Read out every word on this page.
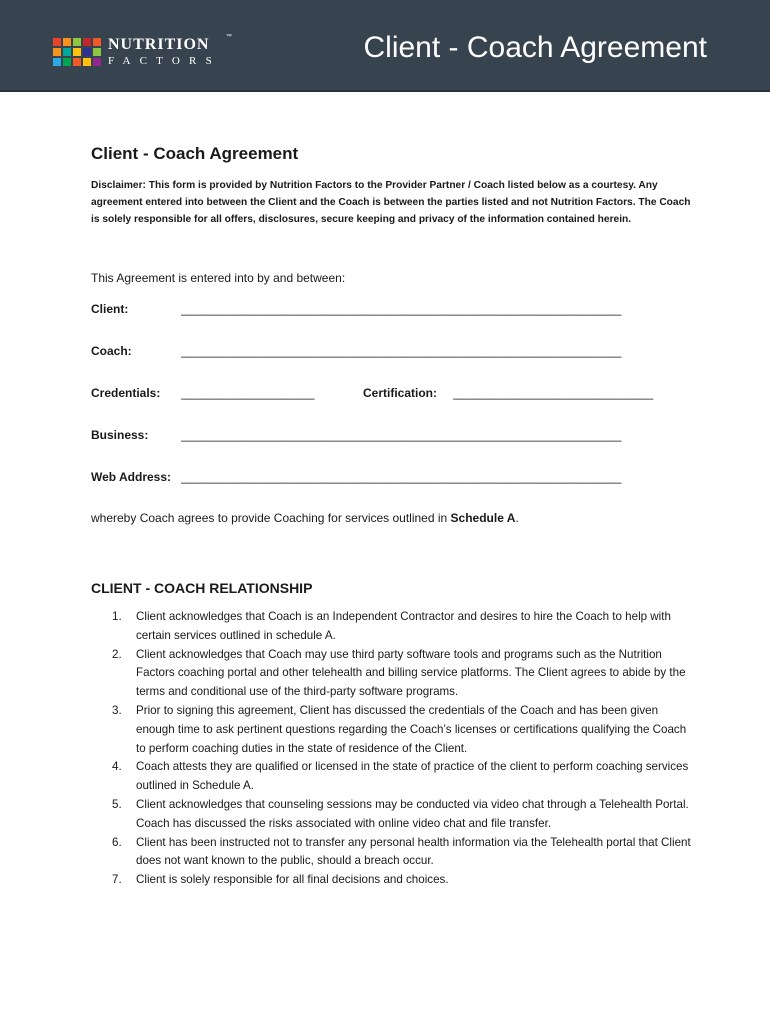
NUTRITION	™
FACTORS	Client - Coach Agreement
Client - Coach Agreement
Disclaimer: This form is provided by Nutrition Factors to the Provider Partner / Coach listed below as a courtesy. Any agreement entered into between the Client and the Coach is between the parties listed and not Nutrition Factors. The Coach is solely responsible for all offers, disclosures, secure keeping and privacy of the information contained herein.
This Agreement is entered into by and between:
Client:	__________________________________________________________________
Coach:	__________________________________________________________________
Credentials: ____________________	Certification: ______________________________
Business:	__________________________________________________________________
Web Address: __________________________________________________________________
whereby Coach agrees to provide Coaching for services outlined in Schedule A.
CLIENT - COACH RELATIONSHIP
1. Client acknowledges that Coach is an Independent Contractor and desires to hire the Coach to help with certain services outlined in schedule A.
2. Client acknowledges that Coach may use third party software tools and programs such as the Nutrition Factors coaching portal and other telehealth and billing service platforms. The Client agrees to abide by the terms and conditional use of the third-party software programs.
3. Prior to signing this agreement, Client has discussed the credentials of the Coach and has been given enough time to ask pertinent questions regarding the Coach’s licenses or certifications qualifying the Coach to perform coaching duties in the state of residence of the Client.
4. Coach attests they are qualified or licensed in the state of practice of the client to perform coaching services outlined in Schedule A.
5. Client acknowledges that counseling sessions may be conducted via video chat through a Telehealth Portal. Coach has discussed the risks associated with online video chat and file transfer.
6. Client has been instructed not to transfer any personal health information via the Telehealth portal that Client does not want known to the public, should a breach occur.
7. Client is solely responsible for all final decisions and choices.
